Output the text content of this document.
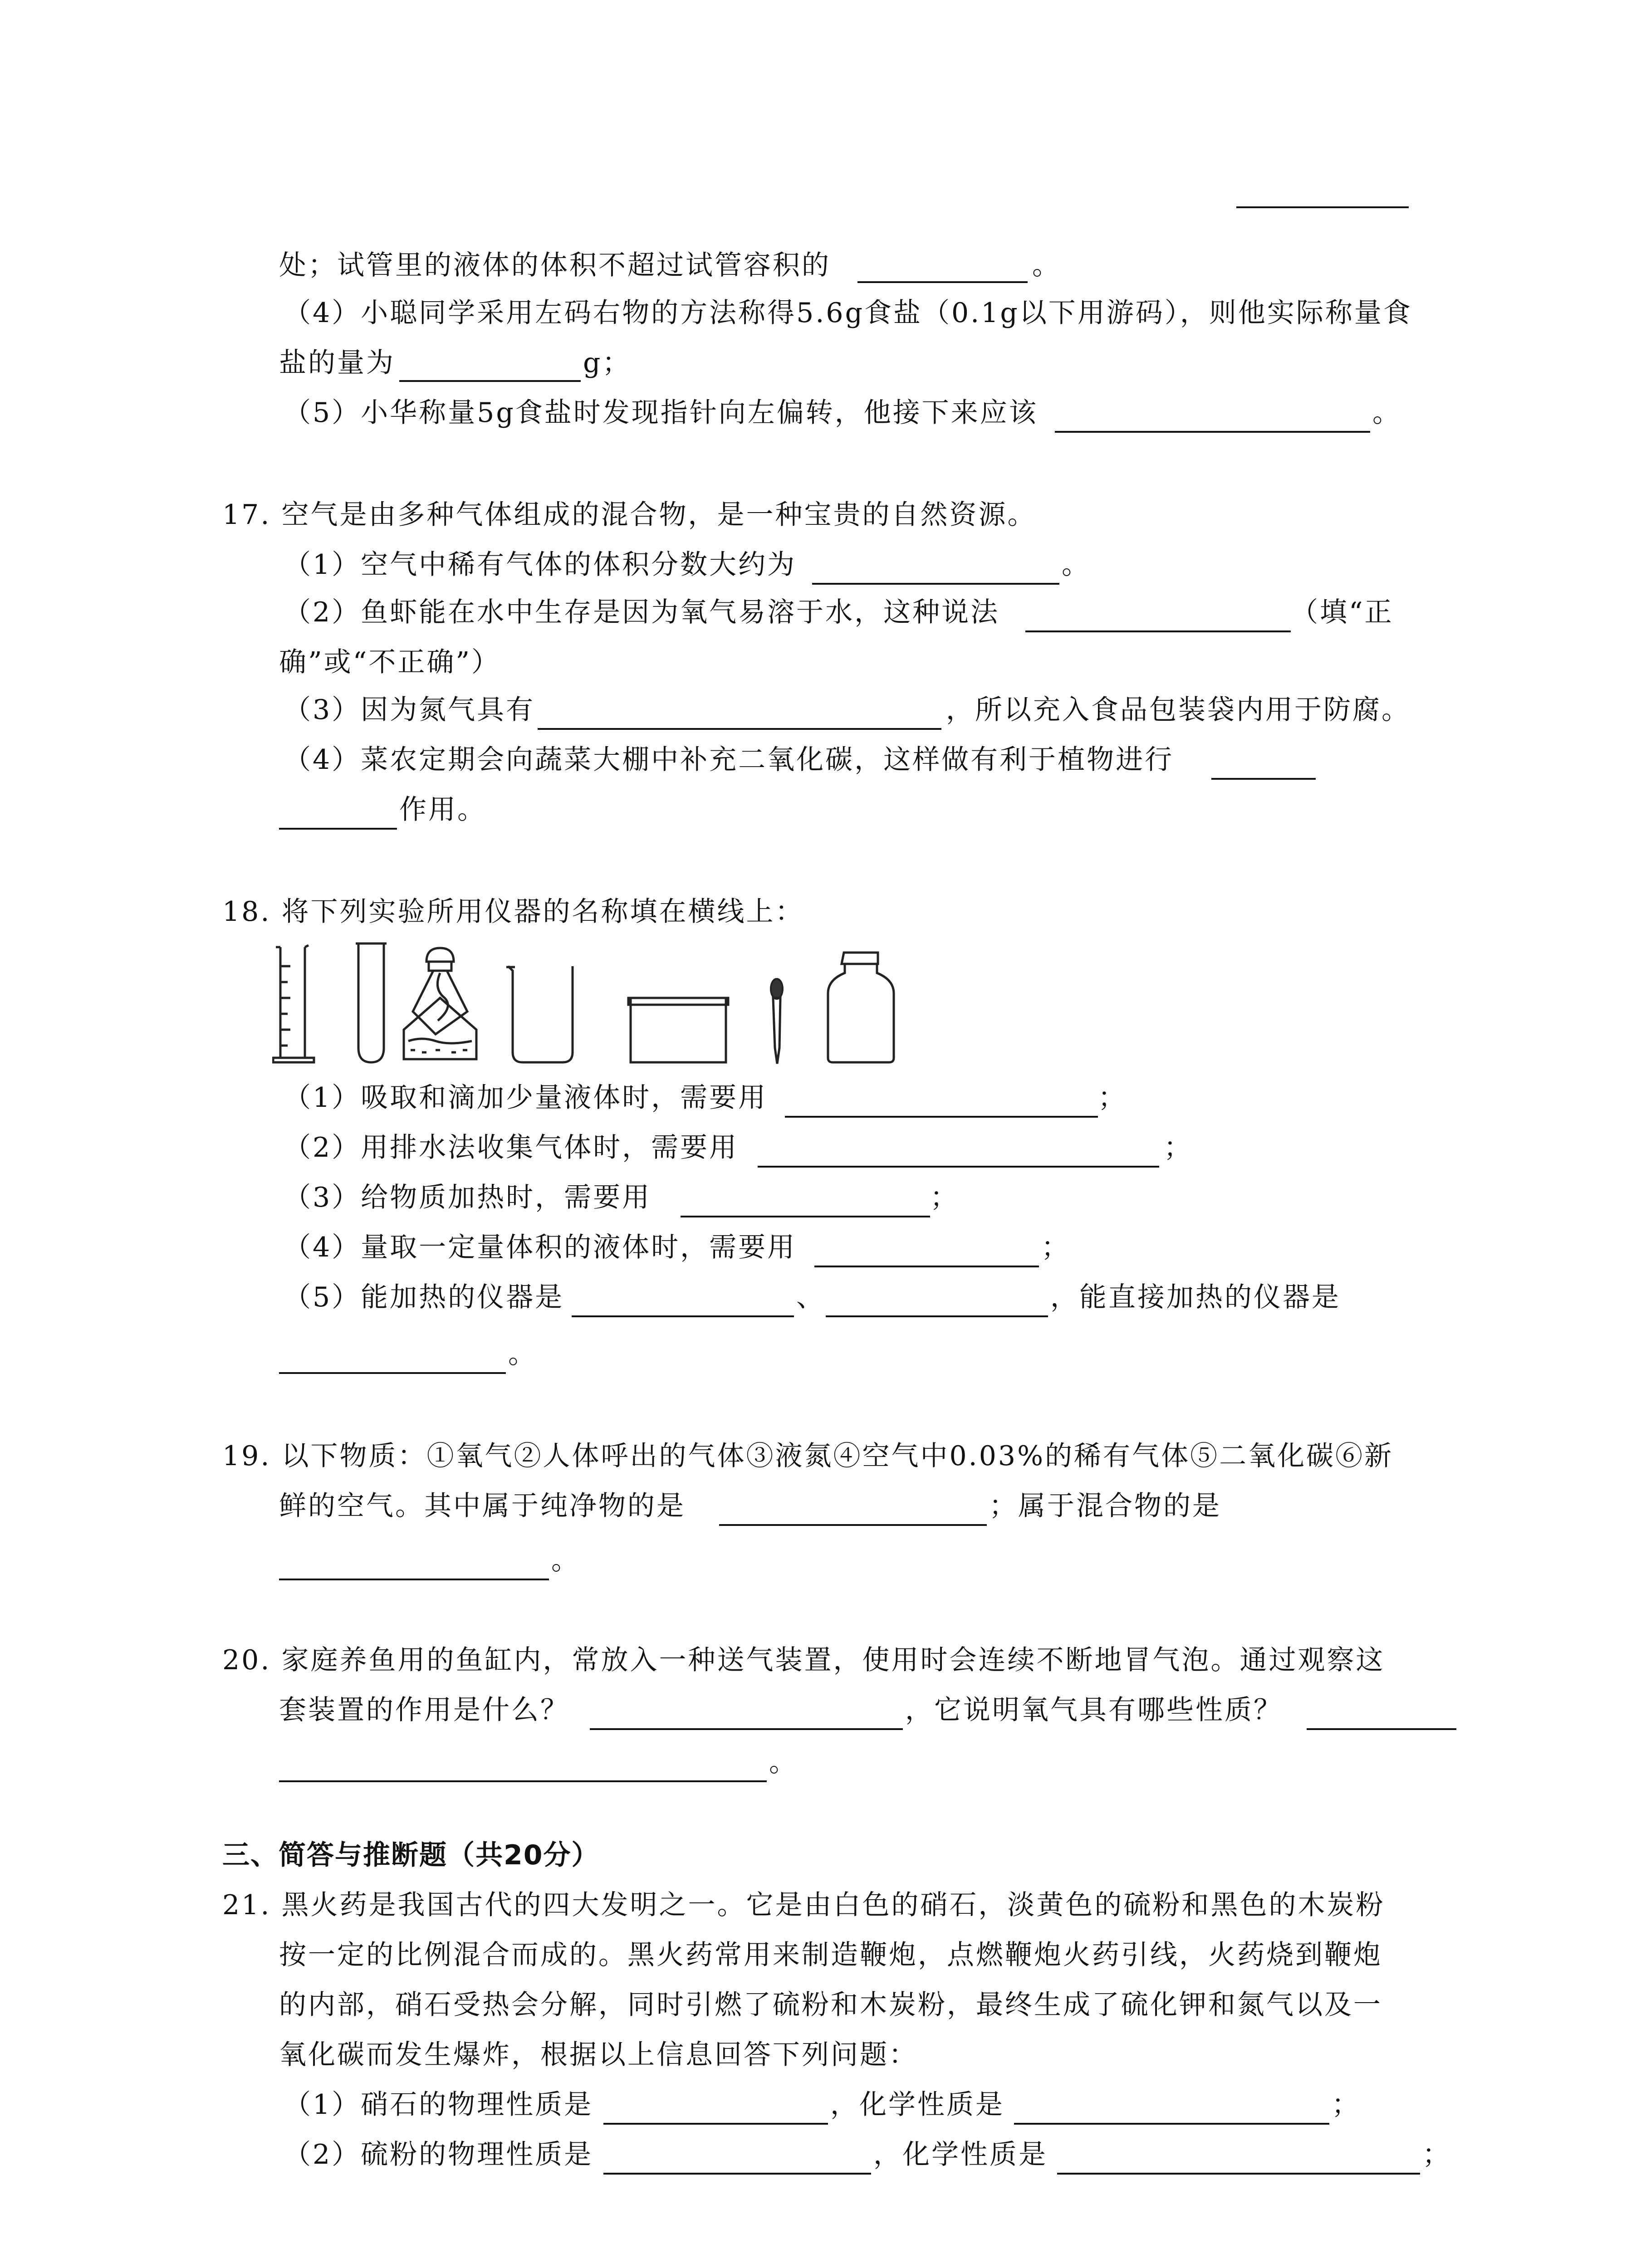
处；试管里的液体的体积不超过试管容积的	。
（4）小聪同学采用左码右物的方法称得5.6g食盐（0.1g以下用游码），则他实际称量食
盐的量为	g；
（5）小华称量5g食盐时发现指针向左偏转，他接下来应该	。
17. 空气是由多种气体组成的混合物，是一种宝贵的自然资源。
（1）空气中稀有气体的体积分数大约为	。
（2）鱼虾能在水中生存是因为氧气易溶于水，这种说法	（填“正
确”或“不正确”）
（3）因为氮气具有	，所以充入食品包装袋内用于防腐。
（4）菜农定期会向蔬菜大棚中补充二氧化碳，这样做有利于植物进行
作用。
18. 将下列实验所用仪器的名称填在横线上：
（1）吸取和滴加少量液体时，需要用	；
（2）用排水法收集气体时，需要用	；
（3）给物质加热时，需要用	；
（4）量取一定量体积的液体时，需要用	；
（5）能加热的仪器是	、	，能直接加热的仪器是
。
19. 以下物质：①氧气②人体呼出的气体③液氮④空气中0.03%的稀有气体⑤二氧化碳⑥新
鲜的空气。其中属于纯净物的是	；属于混合物的是
。
20. 家庭养鱼用的鱼缸内，常放入一种送气装置，使用时会连续不断地冒气泡。通过观察这
套装置的作用是什么？	，它说明氧气具有哪些性质？
。
三、简答与推断题（共20分）
21. 黑火药是我国古代的四大发明之一。它是由白色的硝石，淡黄色的硫粉和黑色的木炭粉
按一定的比例混合而成的。黑火药常用来制造鞭炮，点燃鞭炮火药引线，火药烧到鞭炮
的内部，硝石受热会分解，同时引燃了硫粉和木炭粉，最终生成了硫化钾和氮气以及一
氧化碳而发生爆炸，根据以上信息回答下列问题：
（1）硝石的物理性质是	，化学性质是	；
（2）硫粉的物理性质是	，化学性质是	；
